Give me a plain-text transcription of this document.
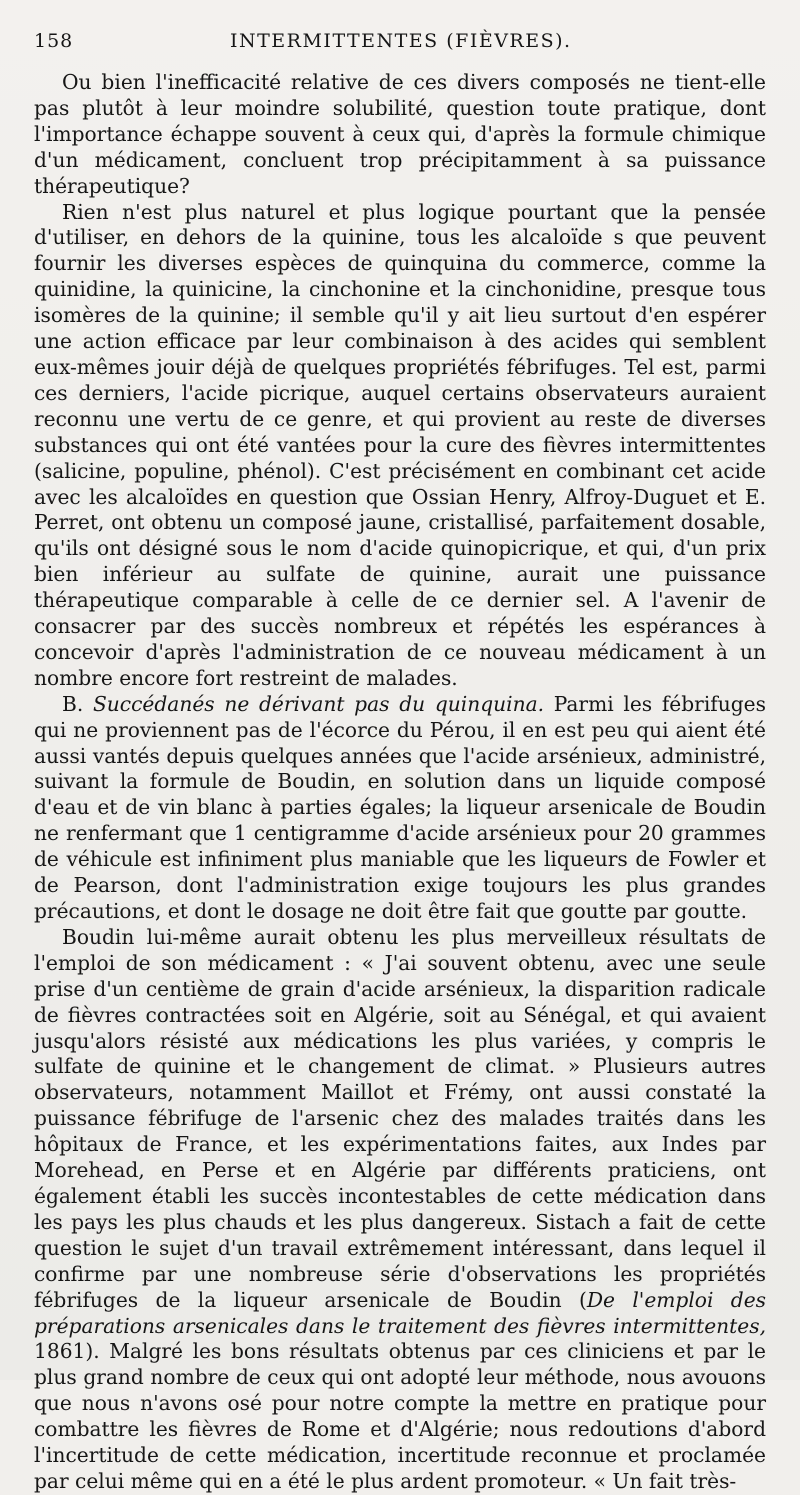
158	INTERMITTENTES (FIÈVRES).

Ou bien l'inefficacité relative de ces divers composés ne tient-elle pas plutôt à leur moindre solubilité, question toute pratique, dont l'importance échappe souvent à ceux qui, d'après la formule chimique d'un médicament, concluent trop précipitamment à sa puissance thérapeutique?

Rien n'est plus naturel et plus logique pourtant que la pensée d'utiliser, en dehors de la quinine, tous les alcaloïde s que peuvent fournir les diverses espèces de quinquina du commerce, comme la quinidine, la quinicine, la cinchonine et la cinchonidine, presque tous isomères de la quinine; il semble qu'il y ait lieu surtout d'en espérer une action efficace par leur combinaison à des acides qui semblent eux-mêmes jouir déjà de quelques propriétés fébrifuges. Tel est, parmi ces derniers, l'acide picrique, auquel certains observateurs auraient reconnu une vertu de ce genre, et qui provient au reste de diverses substances qui ont été vantées pour la cure des fièvres intermittentes (salicine, populine, phénol). C'est précisément en combinant cet acide avec les alcaloïdes en question que Ossian Henry, Alfroy-Duguet et E. Perret, ont obtenu un composé jaune, cristallisé, parfaitement dosable, qu'ils ont désigné sous le nom d'acide quinopicrique, et qui, d'un prix bien inférieur au sulfate de quinine, aurait une puissance thérapeutique comparable à celle de ce dernier sel. A l'avenir de consacrer par des succès nombreux et répétés les espérances à concevoir d'après l'administration de ce nouveau médicament à un nombre encore fort restreint de malades.

B. Succédanés ne dérivant pas du quinquina. Parmi les fébrifuges qui ne proviennent pas de l'écorce du Pérou, il en est peu qui aient été aussi vantés depuis quelques années que l'acide arsénieux, administré, suivant la formule de Boudin, en solution dans un liquide composé d'eau et de vin blanc à parties égales; la liqueur arsenicale de Boudin ne renfermant que 1 centigramme d'acide arsénieux pour 20 grammes de véhicule est infiniment plus maniable que les liqueurs de Fowler et de Pearson, dont l'administration exige toujours les plus grandes précautions, et dont le dosage ne doit être fait que goutte par goutte.

Boudin lui-même aurait obtenu les plus merveilleux résultats de l'emploi de son médicament : « J'ai souvent obtenu, avec une seule prise d'un centième de grain d'acide arsénieux, la disparition radicale de fièvres contractées soit en Algérie, soit au Sénégal, et qui avaient jusqu'alors résisté aux médications les plus variées, y compris le sulfate de quinine et le changement de climat. » Plusieurs autres observateurs, notamment Maillot et Frémy, ont aussi constaté la puissance fébrifuge de l'arsenic chez des malades traités dans les hôpitaux de France, et les expérimentations faites, aux Indes par Morehead, en Perse et en Algérie par différents praticiens, ont également établi les succès incontestables de cette médication dans les pays les plus chauds et les plus dangereux. Sistach a fait de cette question le sujet d'un travail extrêmement intéressant, dans lequel il confirme par une nombreuse série d'observations les propriétés fébrifuges de la liqueur arsenicale de Boudin (De l'emploi des préparations arsenicales dans le traitement des fièvres intermittentes, 1861). Malgré les bons résultats obtenus par ces cliniciens et par le plus grand nombre de ceux qui ont adopté leur méthode, nous avouons que nous n'avons osé pour notre compte la mettre en pratique pour combattre les fièvres de Rome et d'Algérie; nous redoutions d'abord l'incertitude de cette médication, incertitude reconnue et proclamée par celui même qui en a été le plus ardent promoteur. « Un fait très-
